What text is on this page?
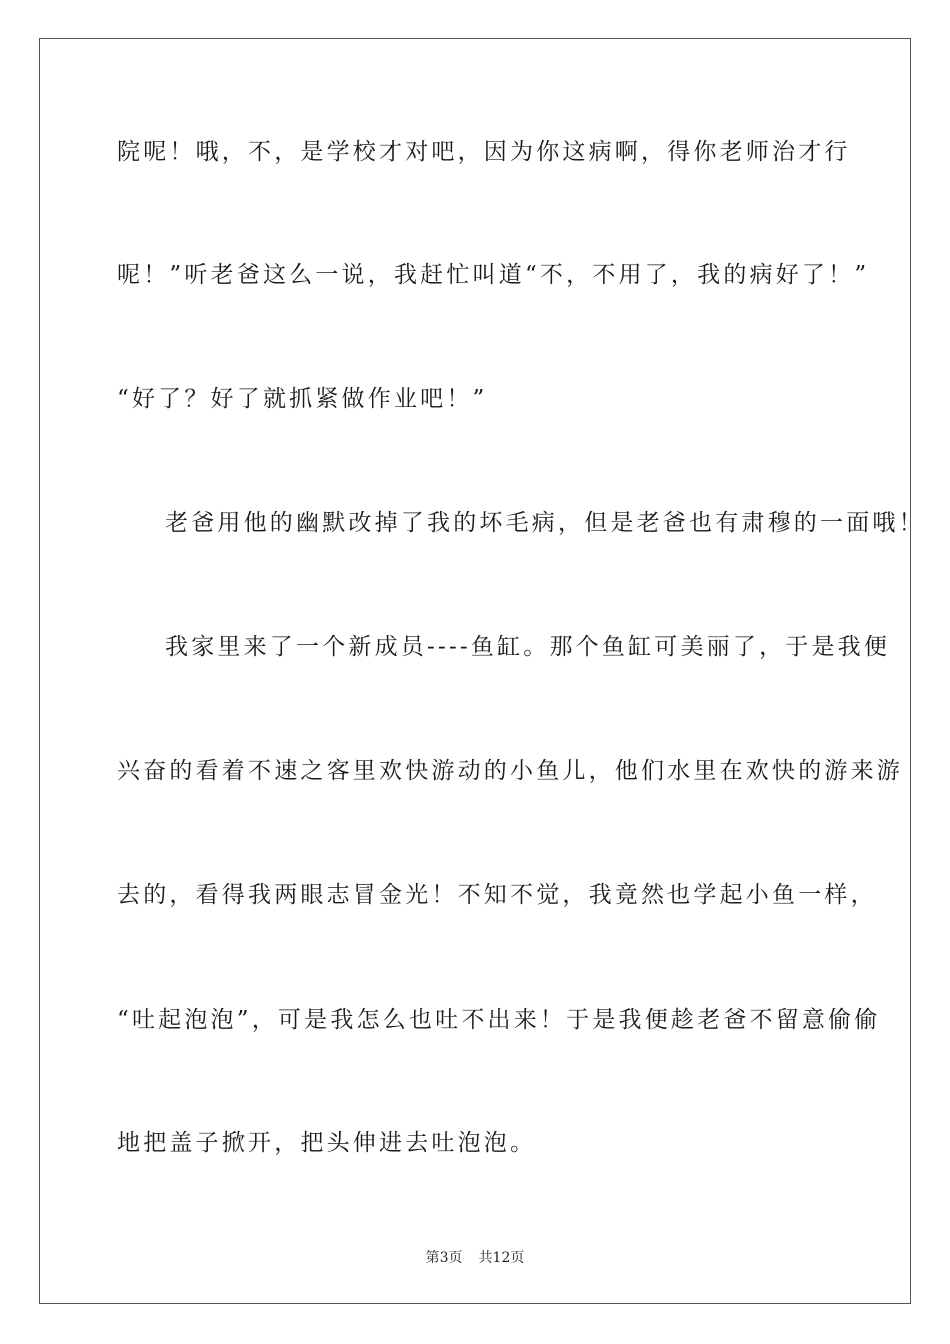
院呢！哦，不，是学校才对吧，因为你这病啊，得你老师治才行
呢！”听老爸这么一说，我赶忙叫道“不，不用了，我的病好了！”
“好了？好了就抓紧做作业吧！”
老爸用他的幽默改掉了我的坏毛病，但是老爸也有肃穆的一面哦！
我家里来了一个新成员----鱼缸。那个鱼缸可美丽了，于是我便
兴奋的看着不速之客里欢快游动的小鱼儿，他们水里在欢快的游来游
去的，看得我两眼志冒金光！不知不觉，我竟然也学起小鱼一样，
“吐起泡泡”，可是我怎么也吐不出来！于是我便趁老爸不留意偷偷
地把盖子掀开，把头伸进去吐泡泡。
第3页 共12页
